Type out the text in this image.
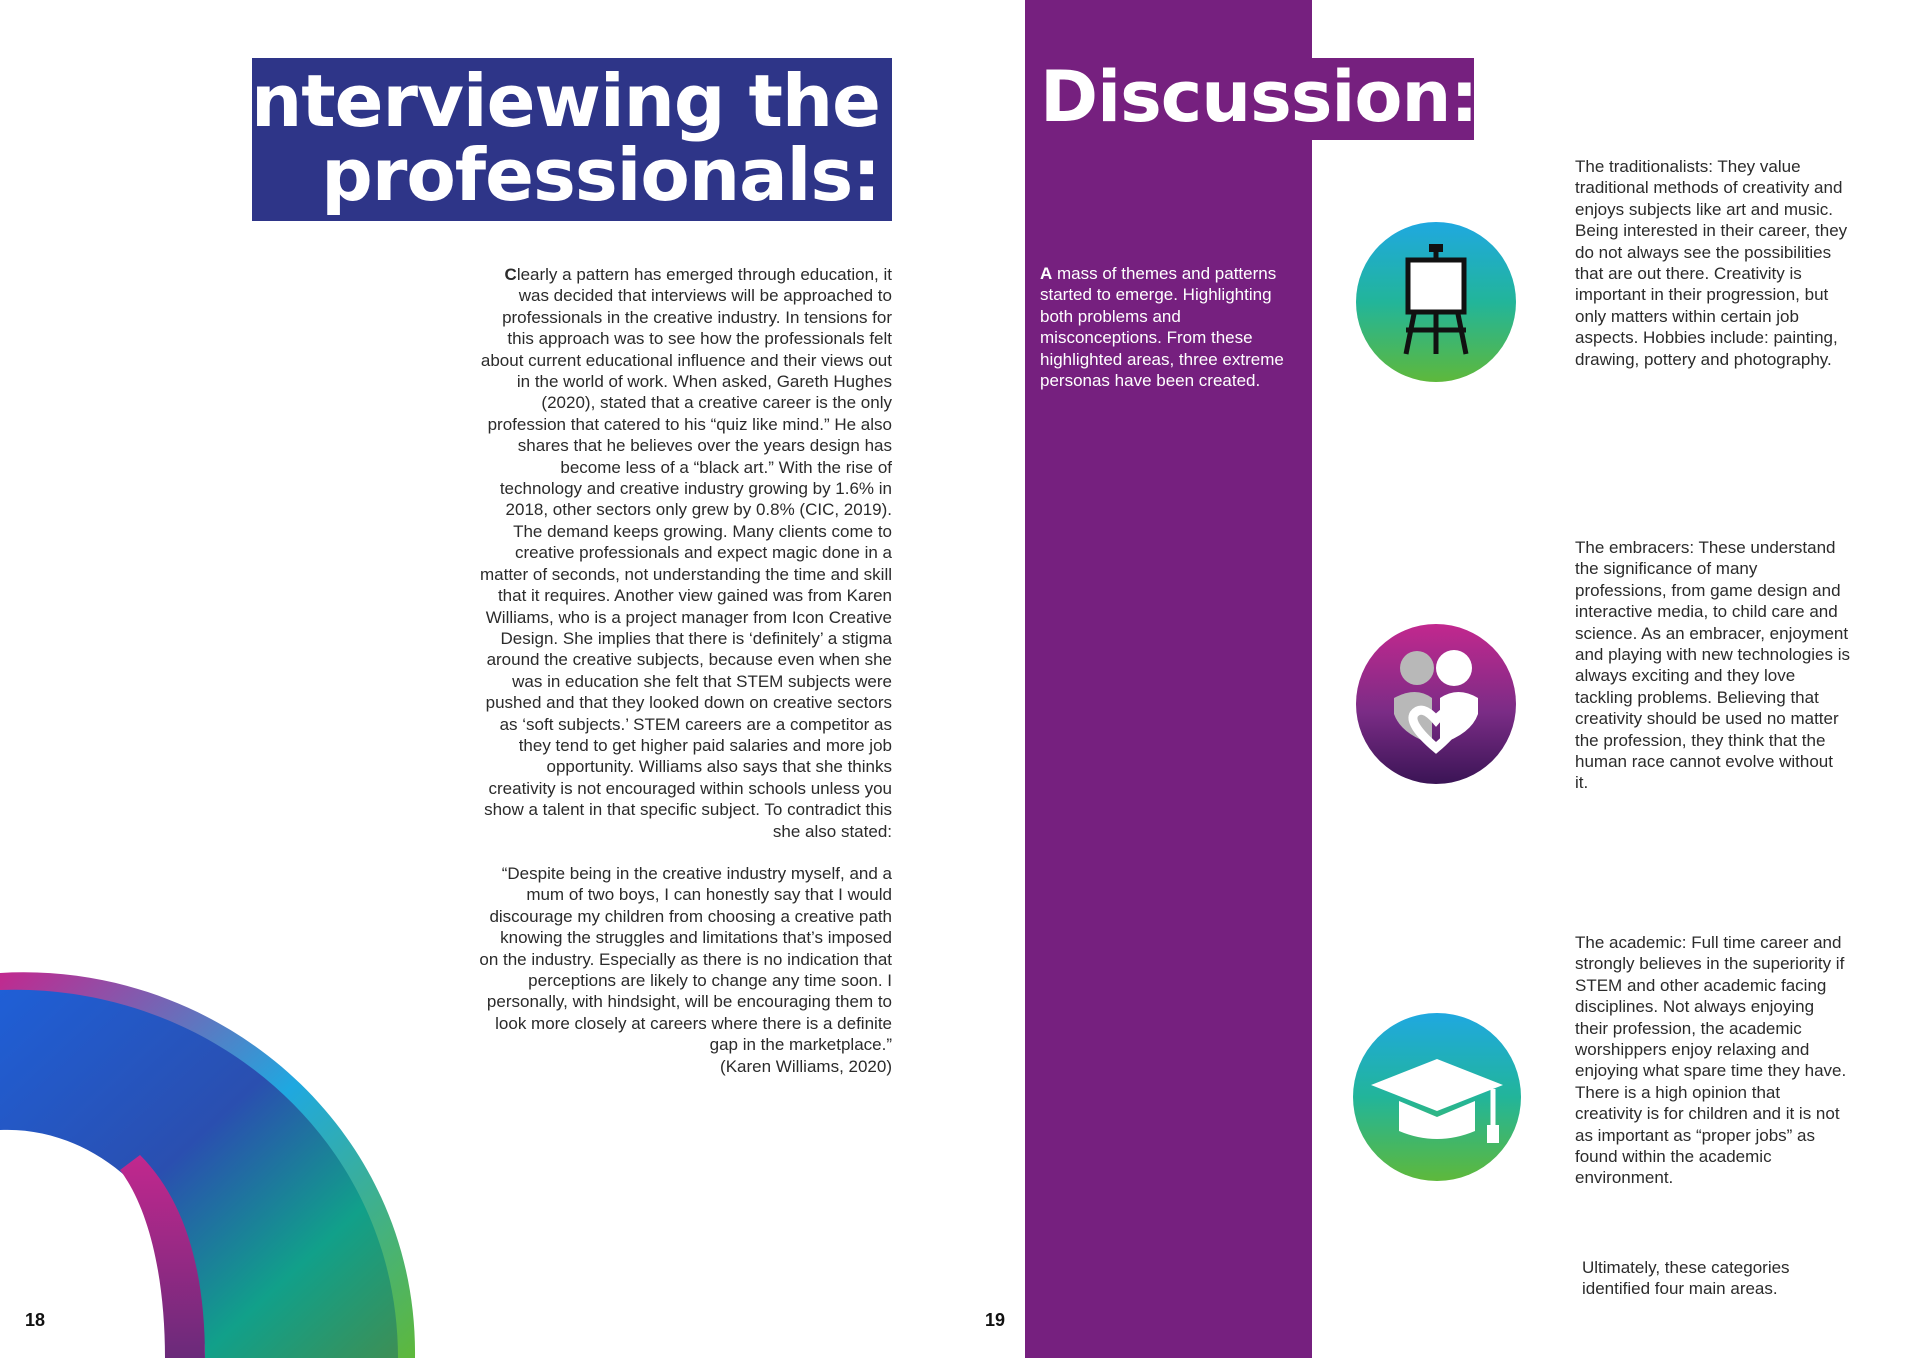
Interviewing the
professionals:

Clearly a pattern has emerged through education, it was decided that interviews will be approached to professionals in the creative industry. In tensions for this approach was to see how the professionals felt about current educational influence and their views out in the world of work. When asked, Gareth Hughes (2020), stated that a creative career is the only profession that catered to his “quiz like mind.” He also shares that he believes over the years design has become less of a “black art.” With the rise of technology and creative industry growing by 1.6% in 2018, other sectors only grew by 0.8% (CIC, 2019). The demand keeps growing. Many clients come to creative professionals and expect magic done in a matter of seconds, not understanding the time and skill that it requires. Another view gained was from Karen Williams, who is a project manager from Icon Creative Design. She implies that there is ‘definitely’ a stigma around the creative subjects, because even when she was in education she felt that STEM subjects were pushed and that they looked down on creative sectors as ‘soft subjects.’ STEM careers are a competitor as they tend to get higher paid salaries and more job opportunity. Williams also says that she thinks creativity is not encouraged within schools unless you show a talent in that specific subject. To contradict this she also stated:

“Despite being in the creative industry myself, and a mum of two boys, I can honestly say that I would discourage my children from choosing a creative path knowing the struggles and limitations that’s imposed on the industry. Especially as there is no indication that perceptions are likely to change any time soon. I personally, with hindsight, will be encouraging them to look more closely at careers where there is a definite gap in the marketplace.”
(Karen Williams, 2020)

18
Discussion:
A mass of themes and patterns started to emerge. Highlighting both problems and misconceptions. From these highlighted areas, three extreme personas have been created.
19
The traditionalists: They value traditional methods of creativity and enjoys subjects like art and music. Being interested in their career, they do not always see the possibilities that are out there. Creativity is important in their progression, but only matters within certain job aspects. Hobbies include: painting, drawing, pottery and photography.
The embracers: These understand the significance of many professions, from game design and interactive media, to child care and science. As an embracer, enjoyment and playing with new technologies is always exciting and they love tackling problems. Believing that creativity should be used no matter the profession, they think that the human race cannot evolve without it.
The academic: Full time career and strongly believes in the superiority if STEM and other academic facing disciplines. Not always enjoying their profession, the academic worshippers enjoy relaxing and enjoying what spare time they have. There is a high opinion that creativity is for children and it is not as important as “proper jobs” as found within the academic environment.
Ultimately, these categories identified four main areas.
